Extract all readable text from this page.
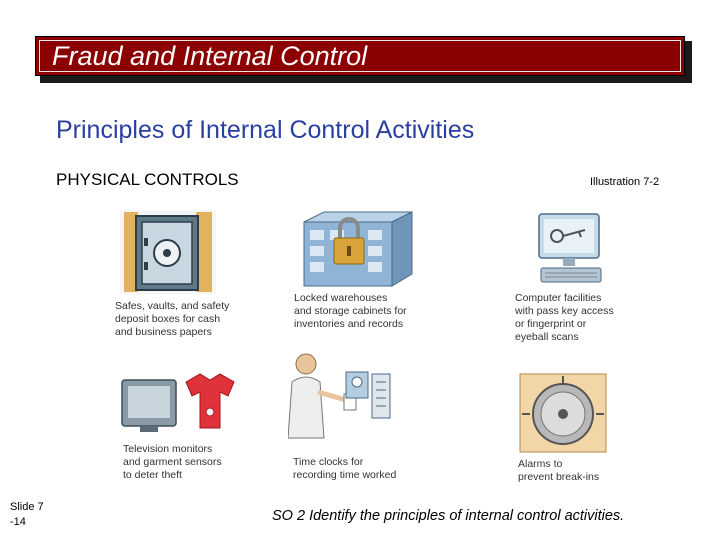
Fraud and Internal Control
Principles of Internal Control Activities
PHYSICAL CONTROLS	Illustration 7-2
Safes, vaults, and safety
deposit boxes for cash
and business papers
Locked warehouses
and storage cabinets for
inventories and records
Computer facilities
with pass key access
or fingerprint or
eyeball scans
Television monitors
and garment sensors
to deter theft
Time clocks for
recording time worked
Alarms to
prevent break-ins
Slide 7
-14	SO 2 Identify the principles of internal control activities.
